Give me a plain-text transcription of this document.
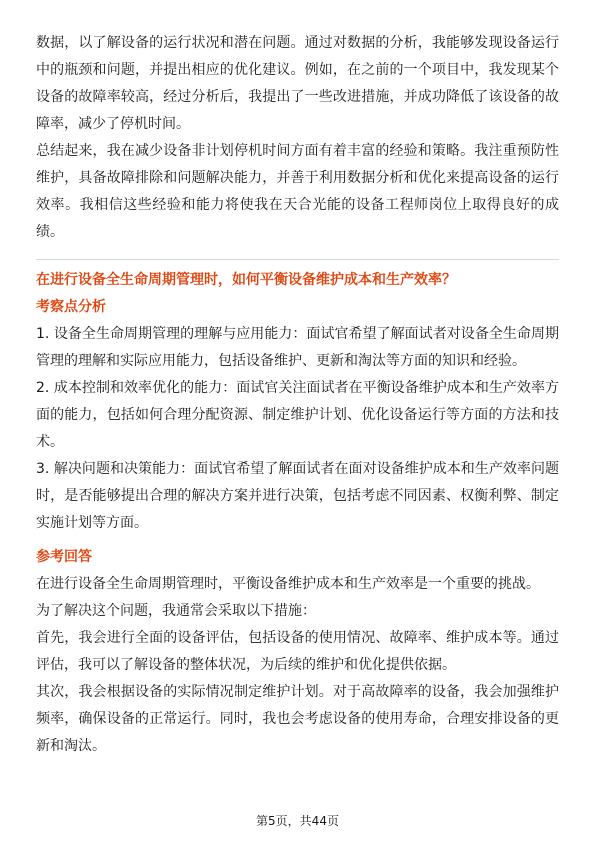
数据，以了解设备的运行状况和潜在问题。通过对数据的分析，我能够发现设备运行中的瓶颈和问题，并提出相应的优化建议。例如，在之前的一个项目中，我发现某个设备的故障率较高，经过分析后，我提出了一些改进措施，并成功降低了该设备的故障率，减少了停机时间。

总结起来，我在减少设备非计划停机时间方面有着丰富的经验和策略。我注重预防性维护，具备故障排除和问题解决能力，并善于利用数据分析和优化来提高设备的运行效率。我相信这些经验和能力将使我在天合光能的设备工程师岗位上取得良好的成绩。

在进行设备全生命周期管理时，如何平衡设备维护成本和生产效率？

考察点分析

1. 设备全生命周期管理的理解与应用能力：面试官希望了解面试者对设备全生命周期管理的理解和实际应用能力，包括设备维护、更新和淘汰等方面的知识和经验。

2. 成本控制和效率优化的能力：面试官关注面试者在平衡设备维护成本和生产效率方面的能力，包括如何合理分配资源、制定维护计划、优化设备运行等方面的方法和技术。

3. 解决问题和决策能力：面试官希望了解面试者在面对设备维护成本和生产效率问题时，是否能够提出合理的解决方案并进行决策，包括考虑不同因素、权衡利弊、制定实施计划等方面。

参考回答

在进行设备全生命周期管理时，平衡设备维护成本和生产效率是一个重要的挑战。

为了解决这个问题，我通常会采取以下措施：

首先，我会进行全面的设备评估，包括设备的使用情况、故障率、维护成本等。通过评估，我可以了解设备的整体状况，为后续的维护和优化提供依据。

其次，我会根据设备的实际情况制定维护计划。对于高故障率的设备，我会加强维护频率，确保设备的正常运行。同时，我也会考虑设备的使用寿命，合理安排设备的更新和淘汰。

第5页，共44页
